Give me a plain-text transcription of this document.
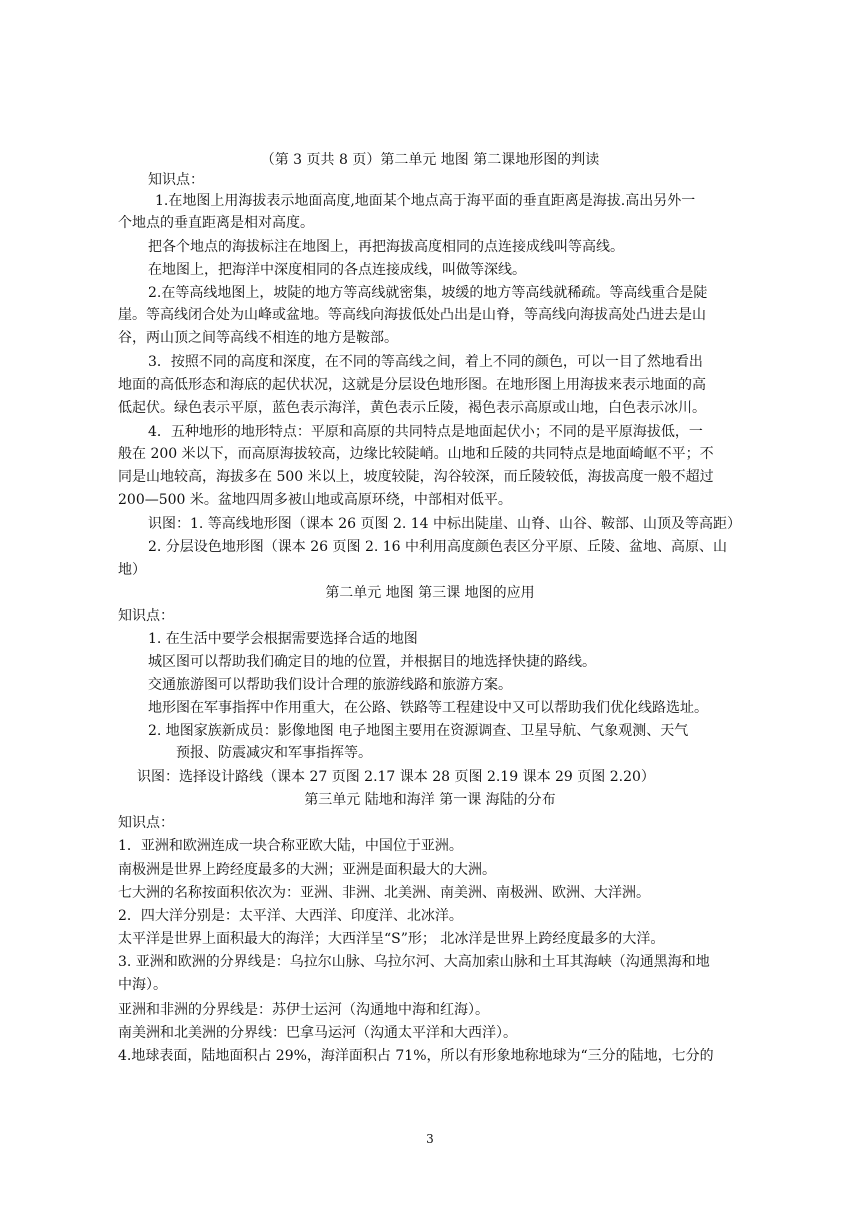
（第 3 页共 8 页）第二单元 地图 第二课地形图的判读
知识点：
1.在地图上用海拔表示地面高度,地面某个地点高于海平面的垂直距离是海拔.高出另外一
个地点的垂直距离是相对高度。
把各个地点的海拔标注在地图上，再把海拔高度相同的点连接成线叫等高线。
在地图上，把海洋中深度相同的各点连接成线，叫做等深线。
2.在等高线地图上，坡陡的地方等高线就密集，坡缓的地方等高线就稀疏。等高线重合是陡
崖。等高线闭合处为山峰或盆地。等高线向海拔低处凸出是山脊，等高线向海拔高处凸进去是山
谷，两山顶之间等高线不相连的地方是鞍部。
3．按照不同的高度和深度，在不同的等高线之间，着上不同的颜色，可以一目了然地看出
地面的高低形态和海底的起伏状况，这就是分层设色地形图。在地形图上用海拔来表示地面的高
低起伏。绿色表示平原，蓝色表示海洋，黄色表示丘陵，褐色表示高原或山地，白色表示冰川。
4．五种地形的地形特点：平原和高原的共同特点是地面起伏小；不同的是平原海拔低，一
般在 200 米以下，而高原海拔较高，边缘比较陡峭。山地和丘陵的共同特点是地面崎岖不平；不
同是山地较高，海拔多在 500 米以上，坡度较陡，沟谷较深，而丘陵较低，海拔高度一般不超过
200—500 米。盆地四周多被山地或高原环绕，中部相对低平。
识图：1. 等高线地形图（课本 26 页图 2. 14 中标出陡崖、山脊、山谷、鞍部、山顶及等高距）
2. 分层设色地形图（课本 26 页图 2. 16 中利用高度颜色表区分平原、丘陵、盆地、高原、山
地）
第二单元 地图 第三课 地图的应用
知识点：
1. 在生活中要学会根据需要选择合适的地图
城区图可以帮助我们确定目的地的位置，并根据目的地选择快捷的路线。
交通旅游图可以帮助我们设计合理的旅游线路和旅游方案。
地形图在军事指挥中作用重大，在公路、铁路等工程建设中又可以帮助我们优化线路选址。
2. 地图家族新成员：影像地图 电子地图主要用在资源调查、卫星导航、气象观测、天气
预报、防震减灾和军事指挥等。
识图：选择设计路线（课本 27 页图 2.17 课本 28 页图 2.19 课本 29 页图 2.20）
第三单元 陆地和海洋 第一课 海陆的分布
知识点：
1．亚洲和欧洲连成一块合称亚欧大陆，中国位于亚洲。
南极洲是世界上跨经度最多的大洲；亚洲是面积最大的大洲。
七大洲的名称按面积依次为：亚洲、非洲、北美洲、南美洲、南极洲、欧洲、大洋洲。
2．四大洋分别是：太平洋、大西洋、印度洋、北冰洋。
太平洋是世界上面积最大的海洋；大西洋呈“S”形； 北冰洋是世界上跨经度最多的大洋。
3. 亚洲和欧洲的分界线是：乌拉尔山脉、乌拉尔河、大高加索山脉和土耳其海峡（沟通黑海和地
中海）。
亚洲和非洲的分界线是：苏伊士运河（沟通地中海和红海）。
南美洲和北美洲的分界线：巴拿马运河（沟通太平洋和大西洋）。
4.地球表面，陆地面积占 29%，海洋面积占 71%，所以有形象地称地球为“三分的陆地，七分的
3
